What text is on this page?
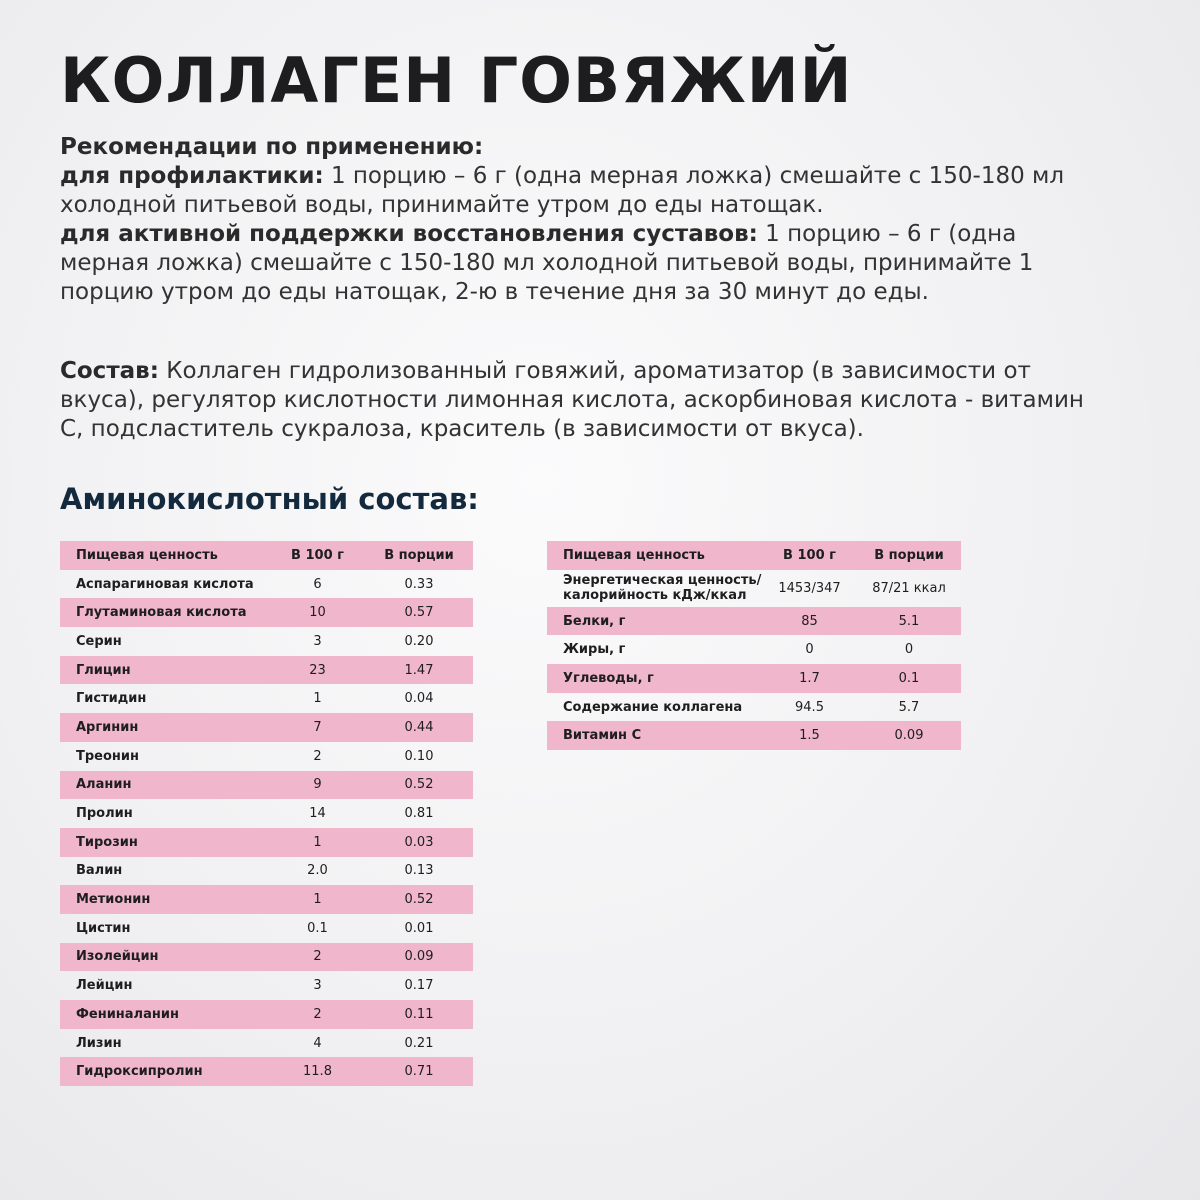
КОЛЛАГЕН ГОВЯЖИЙ
Рекомендации по применению:
для профилактики: 1 порцию – 6 г (одна мерная ложка) смешайте с 150-180 мл холодной питьевой воды, принимайте утром до еды натощак.
для активной поддержки восстановления суставов: 1 порцию – 6 г (одна мерная ложка) смешайте с 150-180 мл холодной питьевой воды, принимайте 1 порцию утром до еды натощак, 2-ю в течение дня за 30 минут до еды.
Состав: Коллаген гидролизованный говяжий, ароматизатор (в зависимости от вкуса), регулятор кислотности лимонная кислота, аскорбиновая кислота - витамин С, подсластитель сукралоза, краситель (в зависимости от вкуса).
Аминокислотный состав:
Пищевая ценность	В 100 г	В порции
Аспарагиновая кислота	6	0.33
Глутаминовая кислота	10	0.57
Серин	3	0.20
Глицин	23	1.47
Гистидин	1	0.04
Аргинин	7	0.44
Треонин	2	0.10
Аланин	9	0.52
Пролин	14	0.81
Тирозин	1	0.03
Валин	2.0	0.13
Метионин	1	0.52
Цистин	0.1	0.01
Изолейцин	2	0.09
Лейцин	3	0.17
Фениналанин	2	0.11
Лизин	4	0.21
Гидроксипролин	11.8	0.71
Пищевая ценность	В 100 г	В порции
Энергетическая ценность/ калорийность кДж/ккал	1453/347	87/21 ккал
Белки, г	85	5.1
Жиры, г	0	0
Углеводы, г	1.7	0.1
Содержание коллагена	94.5	5.7
Витамин С	1.5	0.09
